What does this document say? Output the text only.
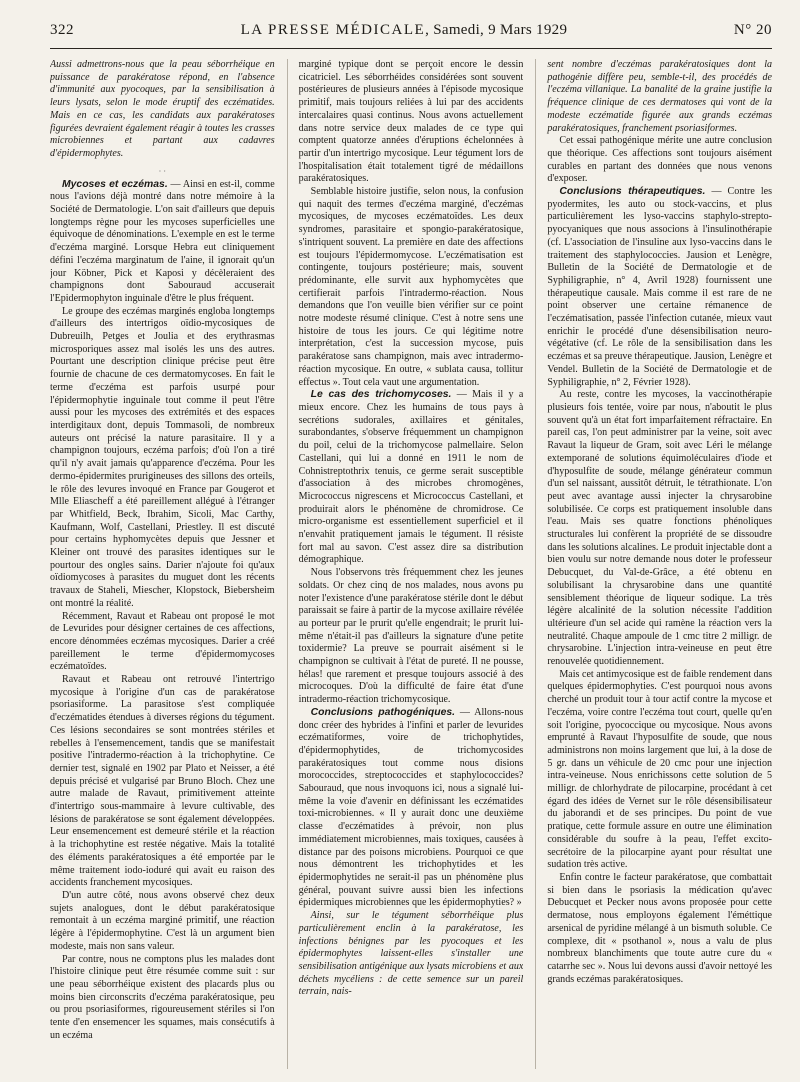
322	LA PRESSE MÉDICALE, Samedi, 9 Mars 1929	N° 20

Aussi admettrons-nous que la peau séborrhéique en puissance de parakératose répond, en l'absence d'immunité aux pyocoques, par la sensibilisation à leurs lysats, selon le mode éruptif des eczématides. Mais en ce cas, les candidats aux parakératoses figurées devraient également réagir à toutes les crasses microbiennes et partant aux cadavres d'épidermophytes.

· ·

Mycoses et eczémas. — Ainsi en est-il, comme nous l'avions déjà montré dans notre mémoire à la Société de Dermatologie. L'on sait d'ailleurs que depuis longtemps règne pour les mycoses superficielles une équivoque de dénominations. L'exemple en est le terme d'eczéma marginé. Lorsque Hebra eut cliniquement défini l'eczéma marginatum de l'aine, il ignorait qu'un jour Köbner, Pick et Kaposi y décèleraient des champignons dont Sabouraud accuserait l'Epidermophyton inguinale d'être le plus fréquent.

Le groupe des eczémas marginés engloba longtemps d'ailleurs des intertrigos oïdio-mycosiques de Dubreuilh, Petges et Joulia et des erythrasmas microsporiques assez mal isolés les uns des autres. Pourtant une description clinique précise peut être fournie de chacune de ces dermatomycoses. En fait le terme d'eczéma est parfois usurpé pour l'épidermophytie inguinale tout comme il peut l'être aussi pour les mycoses des extrémités et des espaces interdigitaux dont, depuis Tommasoli, de nombreux auteurs ont précisé la nature parasitaire. Il y a champignon toujours, eczéma parfois; d'où l'on a tiré qu'il n'y avait jamais qu'apparence d'eczéma. Pour les dermo-épidermites prurigineuses des sillons des orteils, le rôle des levures invoqué en France par Gougerot et Mlle Eliascheff a été pareillement allégué à l'étranger par Whitfield, Beck, Ibrahim, Sicoli, Mac Carthy, Kaufmann, Wolf, Castellani, Priestley. Il est discuté pour certains hyphomycètes depuis que Jessner et Kleiner ont trouvé des parasites identiques sur le pourtour des ongles sains. Darier n'ajoute foi qu'aux oïdiomycoses à parasites du muguet dont les récents travaux de Staheli, Miescher, Klopstock, Biebersheim ont montré la réalité.

Récemment, Ravaut et Rabeau ont proposé le mot de Levurides pour désigner certaines de ces affections, encore dénommées eczémas mycosiques. Darier a créé pareillement le terme d'épidermomycoses eczématoïdes.

Ravaut et Rabeau ont retrouvé l'intertrigo mycosique à l'origine d'un cas de parakératose psoriasiforme. La parasitose s'est compliquée d'eczématides étendues à diverses régions du tégument. Ces lésions secondaires se sont montrées stériles et rebelles à l'ensemencement, tandis que se manifestait positive l'intradermo-réaction à la trichophytine. Ce dernier test, signalé en 1902 par Plato et Neisser, a été depuis précisé et vulgarisé par Bruno Bloch. Chez une autre malade de Ravaut, primitivement atteinte d'intertrigo sous-mammaire à levure cultivable, des lésions de parakératose se sont également développées. Leur ensemencement est demeuré stérile et la réaction à la trichophytine est restée négative. Mais la totalité des éléments parakératosiques a été emportée par le même traitement iodo-ioduré qui avait eu raison des accidents franchement mycosiques.

D'un autre côté, nous avons observé chez deux sujets analogues, dont le début parakératosique remontait à un eczéma marginé primitif, une réaction légère à l'épidermophytine. C'est là un argument bien modeste, mais non sans valeur.

Par contre, nous ne comptons plus les malades dont l'histoire clinique peut être résumée comme suit : sur une peau séborrhéique existent des placards plus ou moins bien circonscrits d'eczéma parakératosique, peu ou prou psoriasiformes, rigoureusement stériles si l'on tente d'en ensemencer les squames, mais consécutifs à un eczéma

marginé typique dont se perçoit encore le dessin cicatriciel. Les séborrhéides considérées sont souvent postérieures de plusieurs années à l'épisode mycosique primitif, mais toujours reliées à lui par des accidents intercalaires quasi continus. Nous avons actuellement dans notre service deux malades de ce type qui comptent quatorze années d'éruptions échelonnées à partir d'un intertrigo mycosique. Leur tégument lors de l'hospitalisation était totalement tigré de médaillons parakératosiques.

Semblable histoire justifie, selon nous, la confusion qui naquit des termes d'eczéma marginé, d'eczémas mycosiques, de mycoses eczématoïdes. Les deux syndromes, parasitaire et spongio-parakératosique, s'intriquent souvent. La première en date des affections est toujours l'épidermomycose. L'eczématisation est contingente, toujours postérieure; mais, souvent prédominante, elle survit aux hyphomycètes que certifierait parfois l'intradermo-réaction. Nous demandons que l'on veuille bien vérifier sur ce point notre modeste résumé clinique. C'est à notre sens une histoire de tous les jours. Ce qui légitime notre interprétation, c'est la succession mycose, puis parakératose sans champignon, mais avec intradermo-réaction mycosique. En outre, « sublata causa, tollitur effectus ». Tout cela vaut une argumentation.

Le cas des trichomycoses. — Mais il y a mieux encore. Chez les humains de tous pays à secrétions sudorales, axillaires et génitales, surabondantes, s'observe fréquemment un champignon du poil, celui de la trichomycose palmellaire. Selon Castellani, qui lui a donné en 1911 le nom de Cohnistreptothrix tenuis, ce germe serait susceptible d'association à des microbes chromogènes, Micrococcus nigrescens et Micrococcus Castellani, et produirait alors le phénomène de chromidrose. Ce micro-organisme est essentiellement superficiel et il n'envahit pratiquement jamais le tégument. Il résiste fort mal au savon. C'est assez dire sa distribution démographique.

Nous l'observons très fréquemment chez les jeunes soldats. Or chez cinq de nos malades, nous avons pu noter l'existence d'une parakératose stérile dont le début paraissait se faire à partir de la mycose axillaire révélée au porteur par le prurit qu'elle engendrait; le prurit lui-même n'était-il pas d'ailleurs la signature d'une petite toxidermie? La preuve se pourrait aisément si le champignon se cultivait à l'état de pureté. Il ne pousse, hélas! que rarement et presque toujours associé à des microcoques. D'où la difficulté de faire état d'une intradermo-réaction trichomycosique.

Conclusions pathogéniques. — Allons-nous donc créer des hybrides à l'infini et parler de levurides eczématiformes, voire de trichophytides, d'épidermophytides, de trichomycosides parakératosiques tout comme nous disions morococcides, streptococcides et staphylococcides? Sabouraud, que nous invoquons ici, nous a signalé lui-même la voie d'avenir en définissant les eczématides toxi-microbiennes. « Il y aurait donc une deuxième classe d'eczématides à prévoir, non plus immédiatement microbiennes, mais toxiques, causées à distance par des poisons microbiens. Pourquoi ce que nous démontrent les trichophytides et les épidermophytides ne serait-il pas un phénomène plus général, pouvant suivre aussi bien les infections épidermiques microbiennes que les épidermophyties? »

Ainsi, sur le tégument séborrhéique plus particulièrement enclin à la parakératose, les infections bénignes par les pyocoques et les épidermophytes laissent-elles s'installer une sensibilisation antigénique aux lysats microbiens et aux déchets mycéliens : de cette semence sur un pareil terrain, nais-

sent nombre d'eczémas parakératosiques dont la pathogénie diffère peu, semble-t-il, des procédés de l'eczéma villanique. La banalité de la graine justifie la fréquence clinique de ces dermatoses qui vont de la modeste eczématide figurée aux grands eczémas parakératosiques, franchement psoriasiformes.

Cet essai pathogénique mérite une autre conclusion que théorique. Ces affections sont toujours aisément curables en partant des données que nous venons d'exposer.

Conclusions thérapeutiques. — Contre les pyodermites, les auto ou stock-vaccins, et plus particulièrement les lyso-vaccins staphylo-strepto-pyocyaniques que nous associons à l'insulinothérapie (cf. L'association de l'insuline aux lyso-vaccins dans le traitement des staphylococcies. Jausion et Lenègre, Bulletin de la Société de Dermatologie et de Syphiligraphie, n° 4, Avril 1928) fournissent une thérapeutique causale. Mais comme il est rare de ne point observer une certaine rémanence de l'eczématisation, passée l'infection cutanée, mieux vaut enrichir le procédé d'une désensibilisation neuro-végétative (cf. Le rôle de la sensibilisation dans les eczémas et sa preuve thérapeutique. Jausion, Lenègre et Vendel. Bulletin de la Société de Dermatologie et de Syphiligraphie, n° 2, Février 1928).

Au reste, contre les mycoses, la vaccinothérapie plusieurs fois tentée, voire par nous, n'aboutit le plus souvent qu'à un état fort imparfaitement réfractaire. En pareil cas, l'on peut administrer par la veine, soit avec Ravaut la liqueur de Gram, soit avec Léri le mélange extemporané de solutions équimoléculaires d'iode et d'hyposulfite de soude, mélange générateur commun d'un sel naissant, aussitôt détruit, le tétrathionate. L'on peut avec avantage aussi injecter la chrysarobine solubilisée. Ce corps est pratiquement insoluble dans l'eau. Mais ses quatre fonctions phénoliques structurales lui confèrent la propriété de se dissoudre dans les solutions alcalines. Le produit injectable dont a bien voulu sur notre demande nous doter le professeur Debucquet, du Val-de-Grâce, a été obtenu en solubilisant la chrysarobine dans une quantité sensiblement théorique de liqueur sodique. La très légère alcalinité de la solution nécessite l'addition ultérieure d'un sel acide qui ramène la réaction vers la neutralité. Chaque ampoule de 1 cmc titre 2 milligr. de chrysarobine. L'injection intra-veineuse en peut être renouvelée quotidiennement.

Mais cet antimycosique est de faible rendement dans quelques épidermophyties. C'est pourquoi nous avons cherché un produit tour à tour actif contre la mycose et l'eczéma, voire contre l'eczéma tout court, quelle qu'en soit l'origine, pyococcique ou mycosique. Nous avons emprunté à Ravaut l'hyposulfite de soude, que nous administrons non moins largement que lui, à la dose de 5 gr. dans un véhicule de 20 cmc pour une injection intra-veineuse. Nous enrichissons cette solution de 5 milligr. de chlorhydrate de pilocarpine, procédant à cet égard des idées de Vernet sur le rôle désensibilisateur du jaborandi et de ses principes. Du point de vue pratique, cette formule assure en outre une élimination considérable du soufre à la peau, l'effet excito-secrétoire de la pilocarpine ayant pour résultat une sudation très active.

Enfin contre le facteur parakératose, que combattait si bien dans le psoriasis la médication qu'avec Debucquet et Pecker nous avons proposée pour cette dermatose, nous employons également l'éméttique arsenical de pyridine mélangé à un bismuth soluble. Ce complexe, dit « psothanol », nous a valu de plus nombreux blanchiments que toute autre cure du « catarrhe sec ». Nous lui devons aussi d'avoir nettoyé les grands eczémas parakératosiques.
